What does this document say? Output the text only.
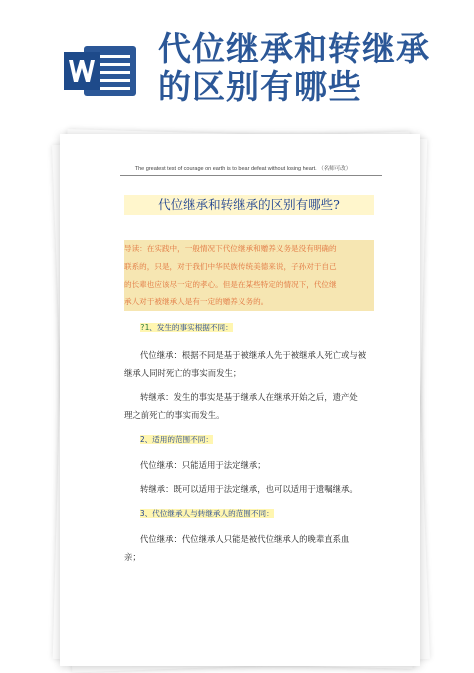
代位继承和转继承
的区别有哪些
The greatest test of courage on earth is to bear defeat without losing heart. （名师可改）
代位继承和转继承的区别有哪些?
导读：在实践中，一般情况下代位继承和赠养义务是没有明确的
联系的，只是，对于我们中华民族传统美德来说，子孙对于自己
的长辈也应该尽一定的孝心。但是在某些特定的情况下，代位继
承人对于被继承人是有一定的赠养义务的。
?1、发生的事实根据不同：
代位继承：根据不同是基于被继承人先于被继承人死亡或与被
继承人同时死亡的事实而发生；
转继承：发生的事实是基于继承人在继承开始之后，遗产处
理之前死亡的事实而发生。
2、适用的范围不同：
代位继承：只能适用于法定继承；
转继承：既可以适用于法定继承，也可以适用于遗嘱继承。
3、代位继承人与转继承人的范围不同：
代位继承：代位继承人只能是被代位继承人的晚辈直系血
亲；
